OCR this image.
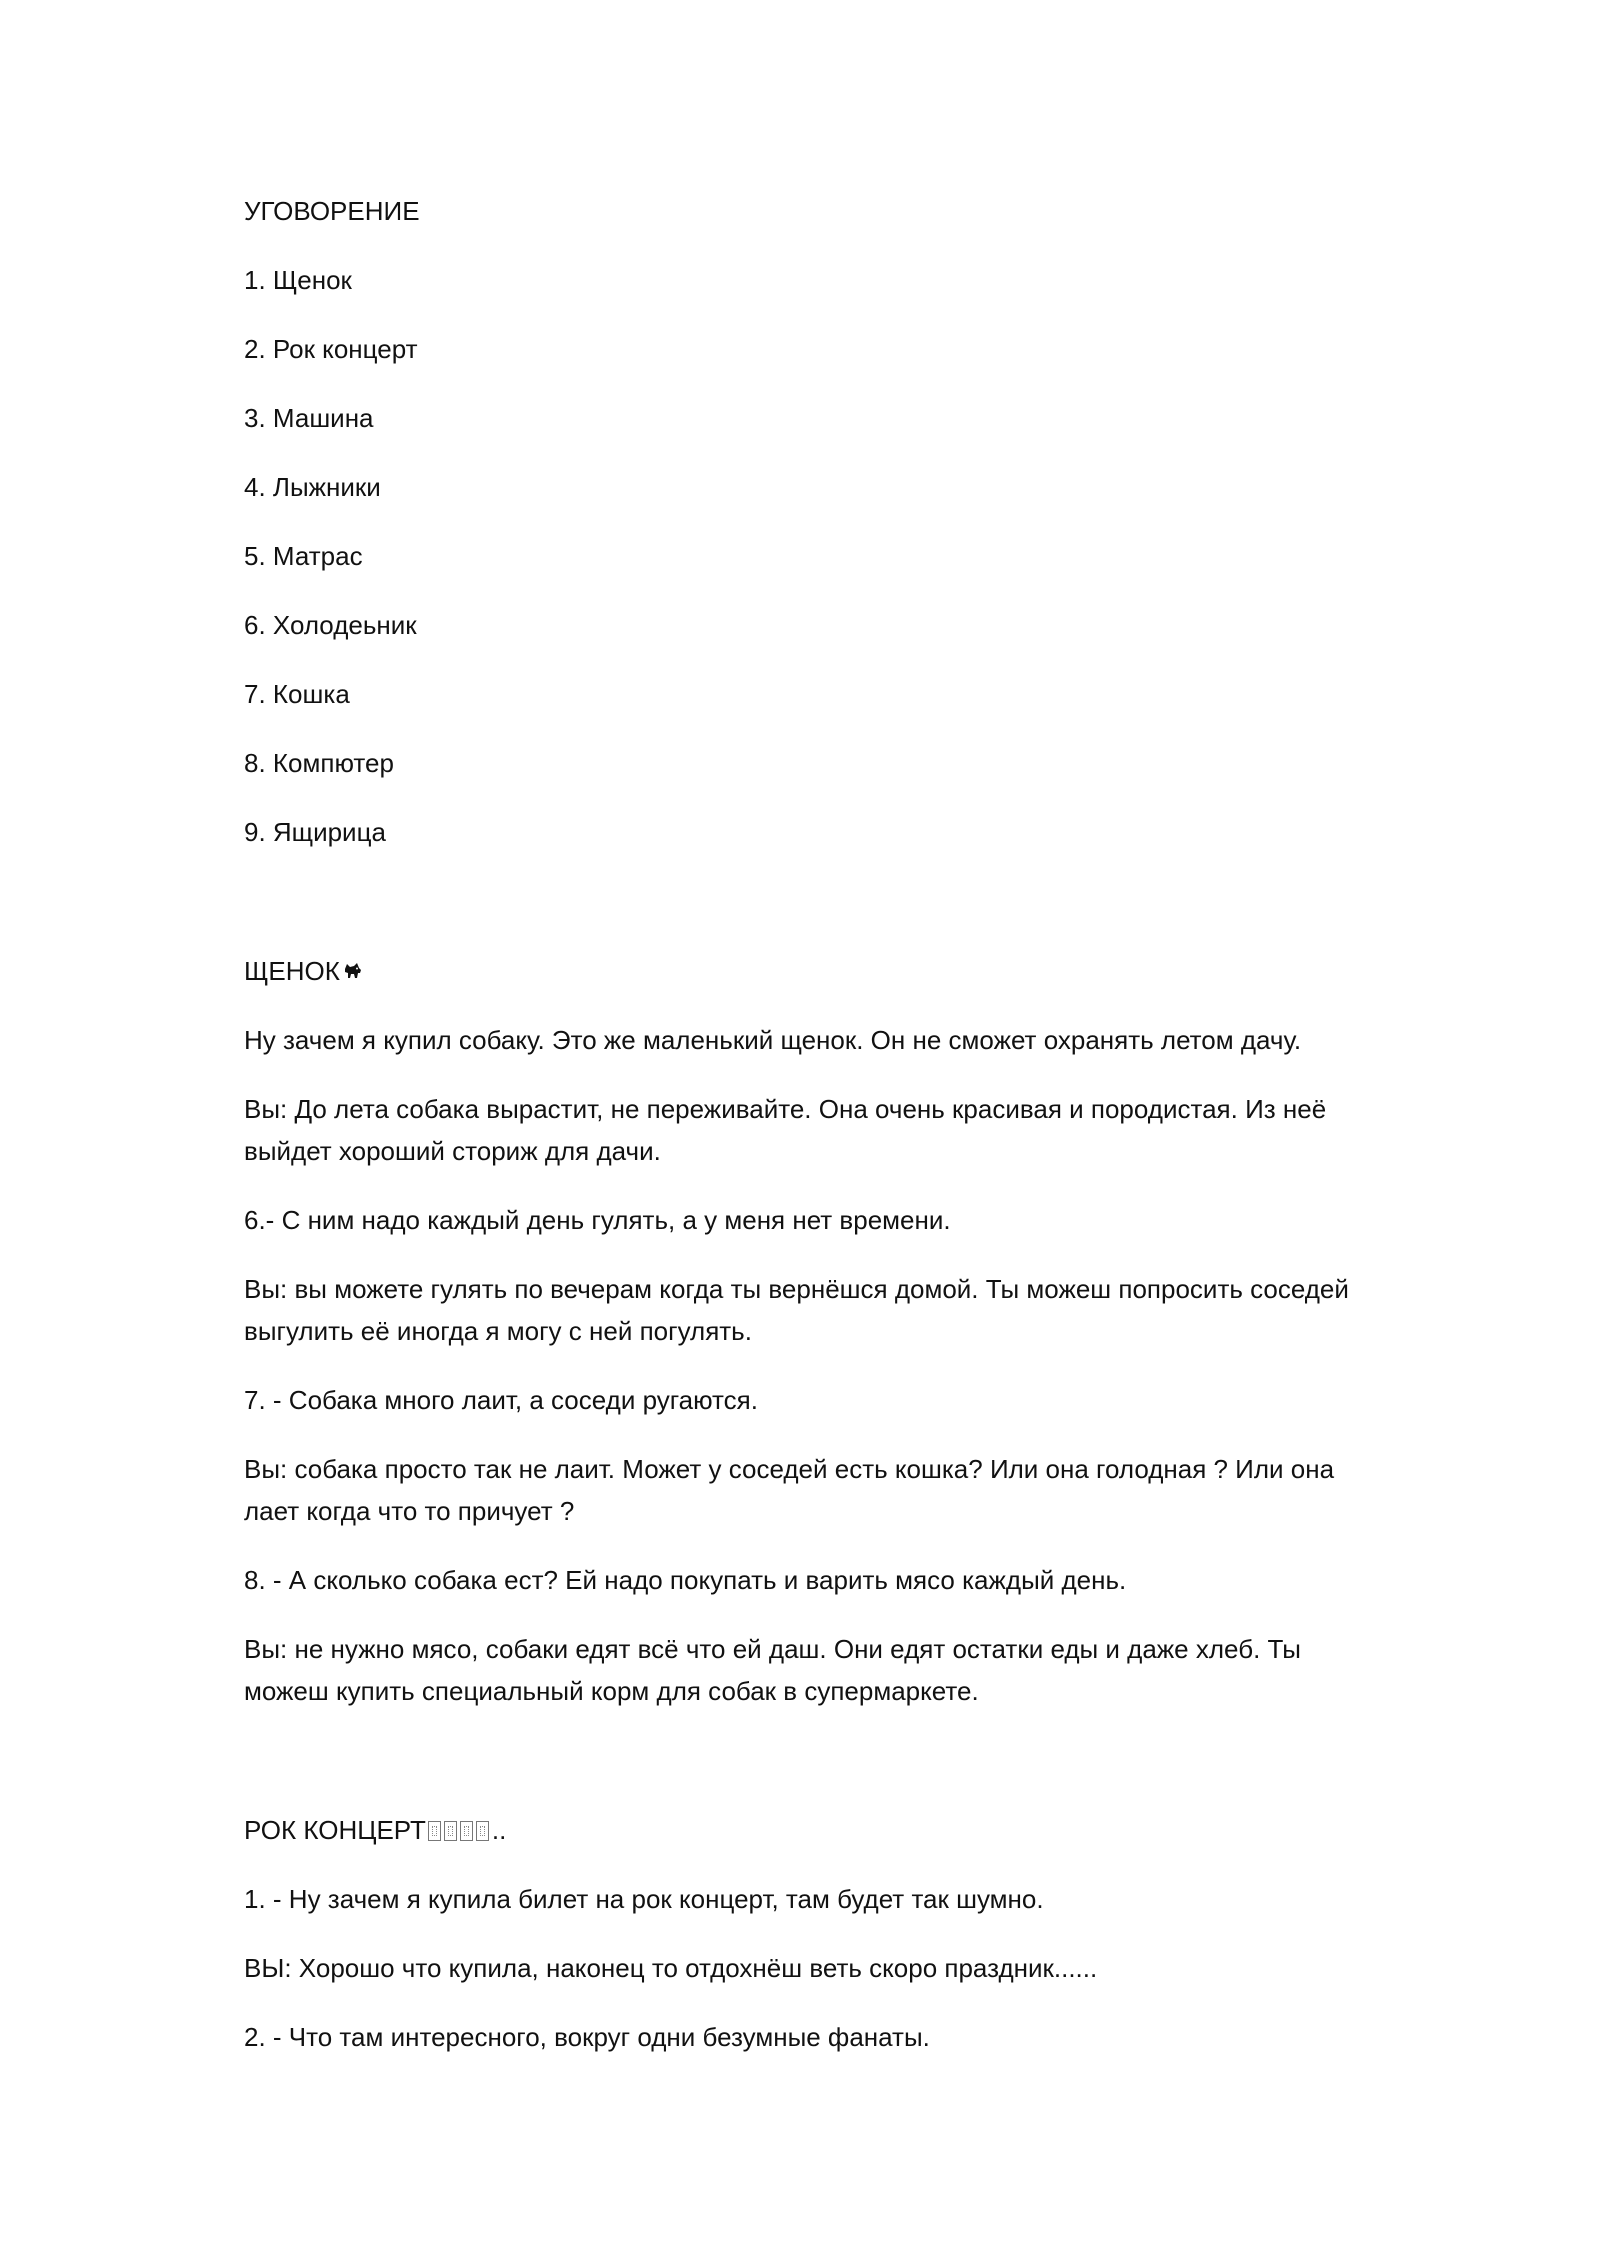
УГОВОРЕНИЕ
1. Щенок
2. Рок концерт
3. Машина
4. Лыжники
5. Матрас
6. Холодеьник
7. Кошка
8. Компютер
9. Ящирица
ЩЕНОК
Ну зачем я купил собаку. Это же маленький щенок. Он не сможет охранять летом дачу.
Вы: До лета собака вырастит, не переживайте. Она очень красивая и породистая. Из неё выйдет хороший сториж для дачи.
6.- С ним надо каждый день гулять, а у меня нет времени.
Вы: вы можете гулять по вечерам когда ты вернёшся домой. Ты можеш попросить соседей выгулить её иногда я могу с ней погулять.
7. - Собака много лаит, а соседи ругаются.
Вы: собака просто так не лаит. Может у соседей есть кошка? Или она голодная ? Или она лает когда что то причует ?
8. - А сколько собака ест? Ей надо покупать и варить мясо каждый день.
Вы: не нужно мясо, собаки едят всё что ей даш. Они едят остатки еды и даже хлеб. Ты можеш купить специальный корм для собак в супермаркете.
РОК КОНЦЕРТ	..
1. - Ну зачем я купила билет на рок концерт, там будет так шумно.
ВЫ: Хорошо что купила, наконец то отдохнёш веть скоро праздник......
2. - Что там интересного, вокруг одни безумные фанаты.
